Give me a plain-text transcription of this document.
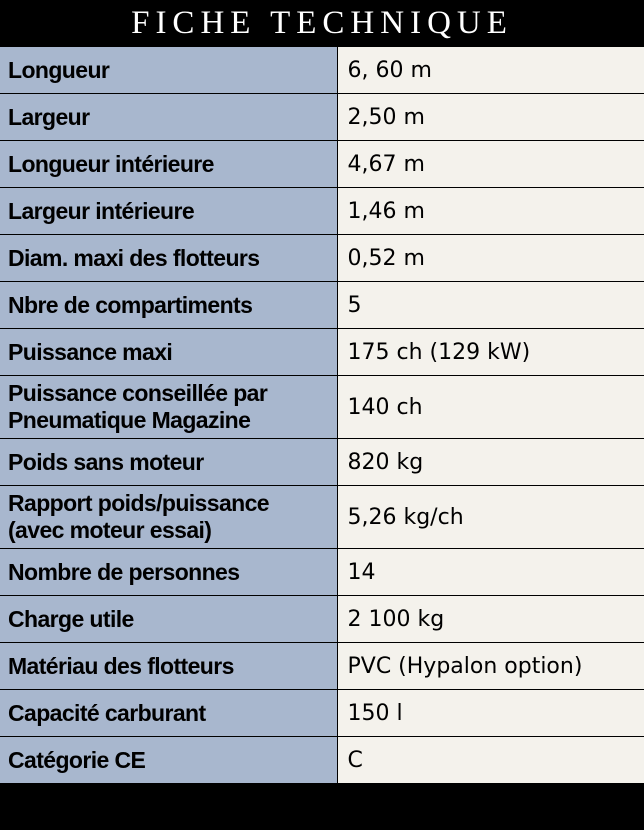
FICHE TECHNIQUE
Longueur	6, 60 m
Largeur	2,50 m
Longueur intérieure	4,67 m
Largeur intérieure	1,46 m
Diam. maxi des flotteurs	0,52 m
Nbre de compartiments	5
Puissance maxi	175 ch (129 kW)

Puissance conseillée par
Pneumatique Magazine	140 ch
Poids sans moteur	820 kg

Rapport poids/puissance
(avec moteur essai)	5,26 kg/ch
Nombre de personnes	14
Charge utile	2 100 kg
Matériau des flotteurs	PVC (Hypalon option)
Capacité carburant	150 l
Catégorie CE	C
